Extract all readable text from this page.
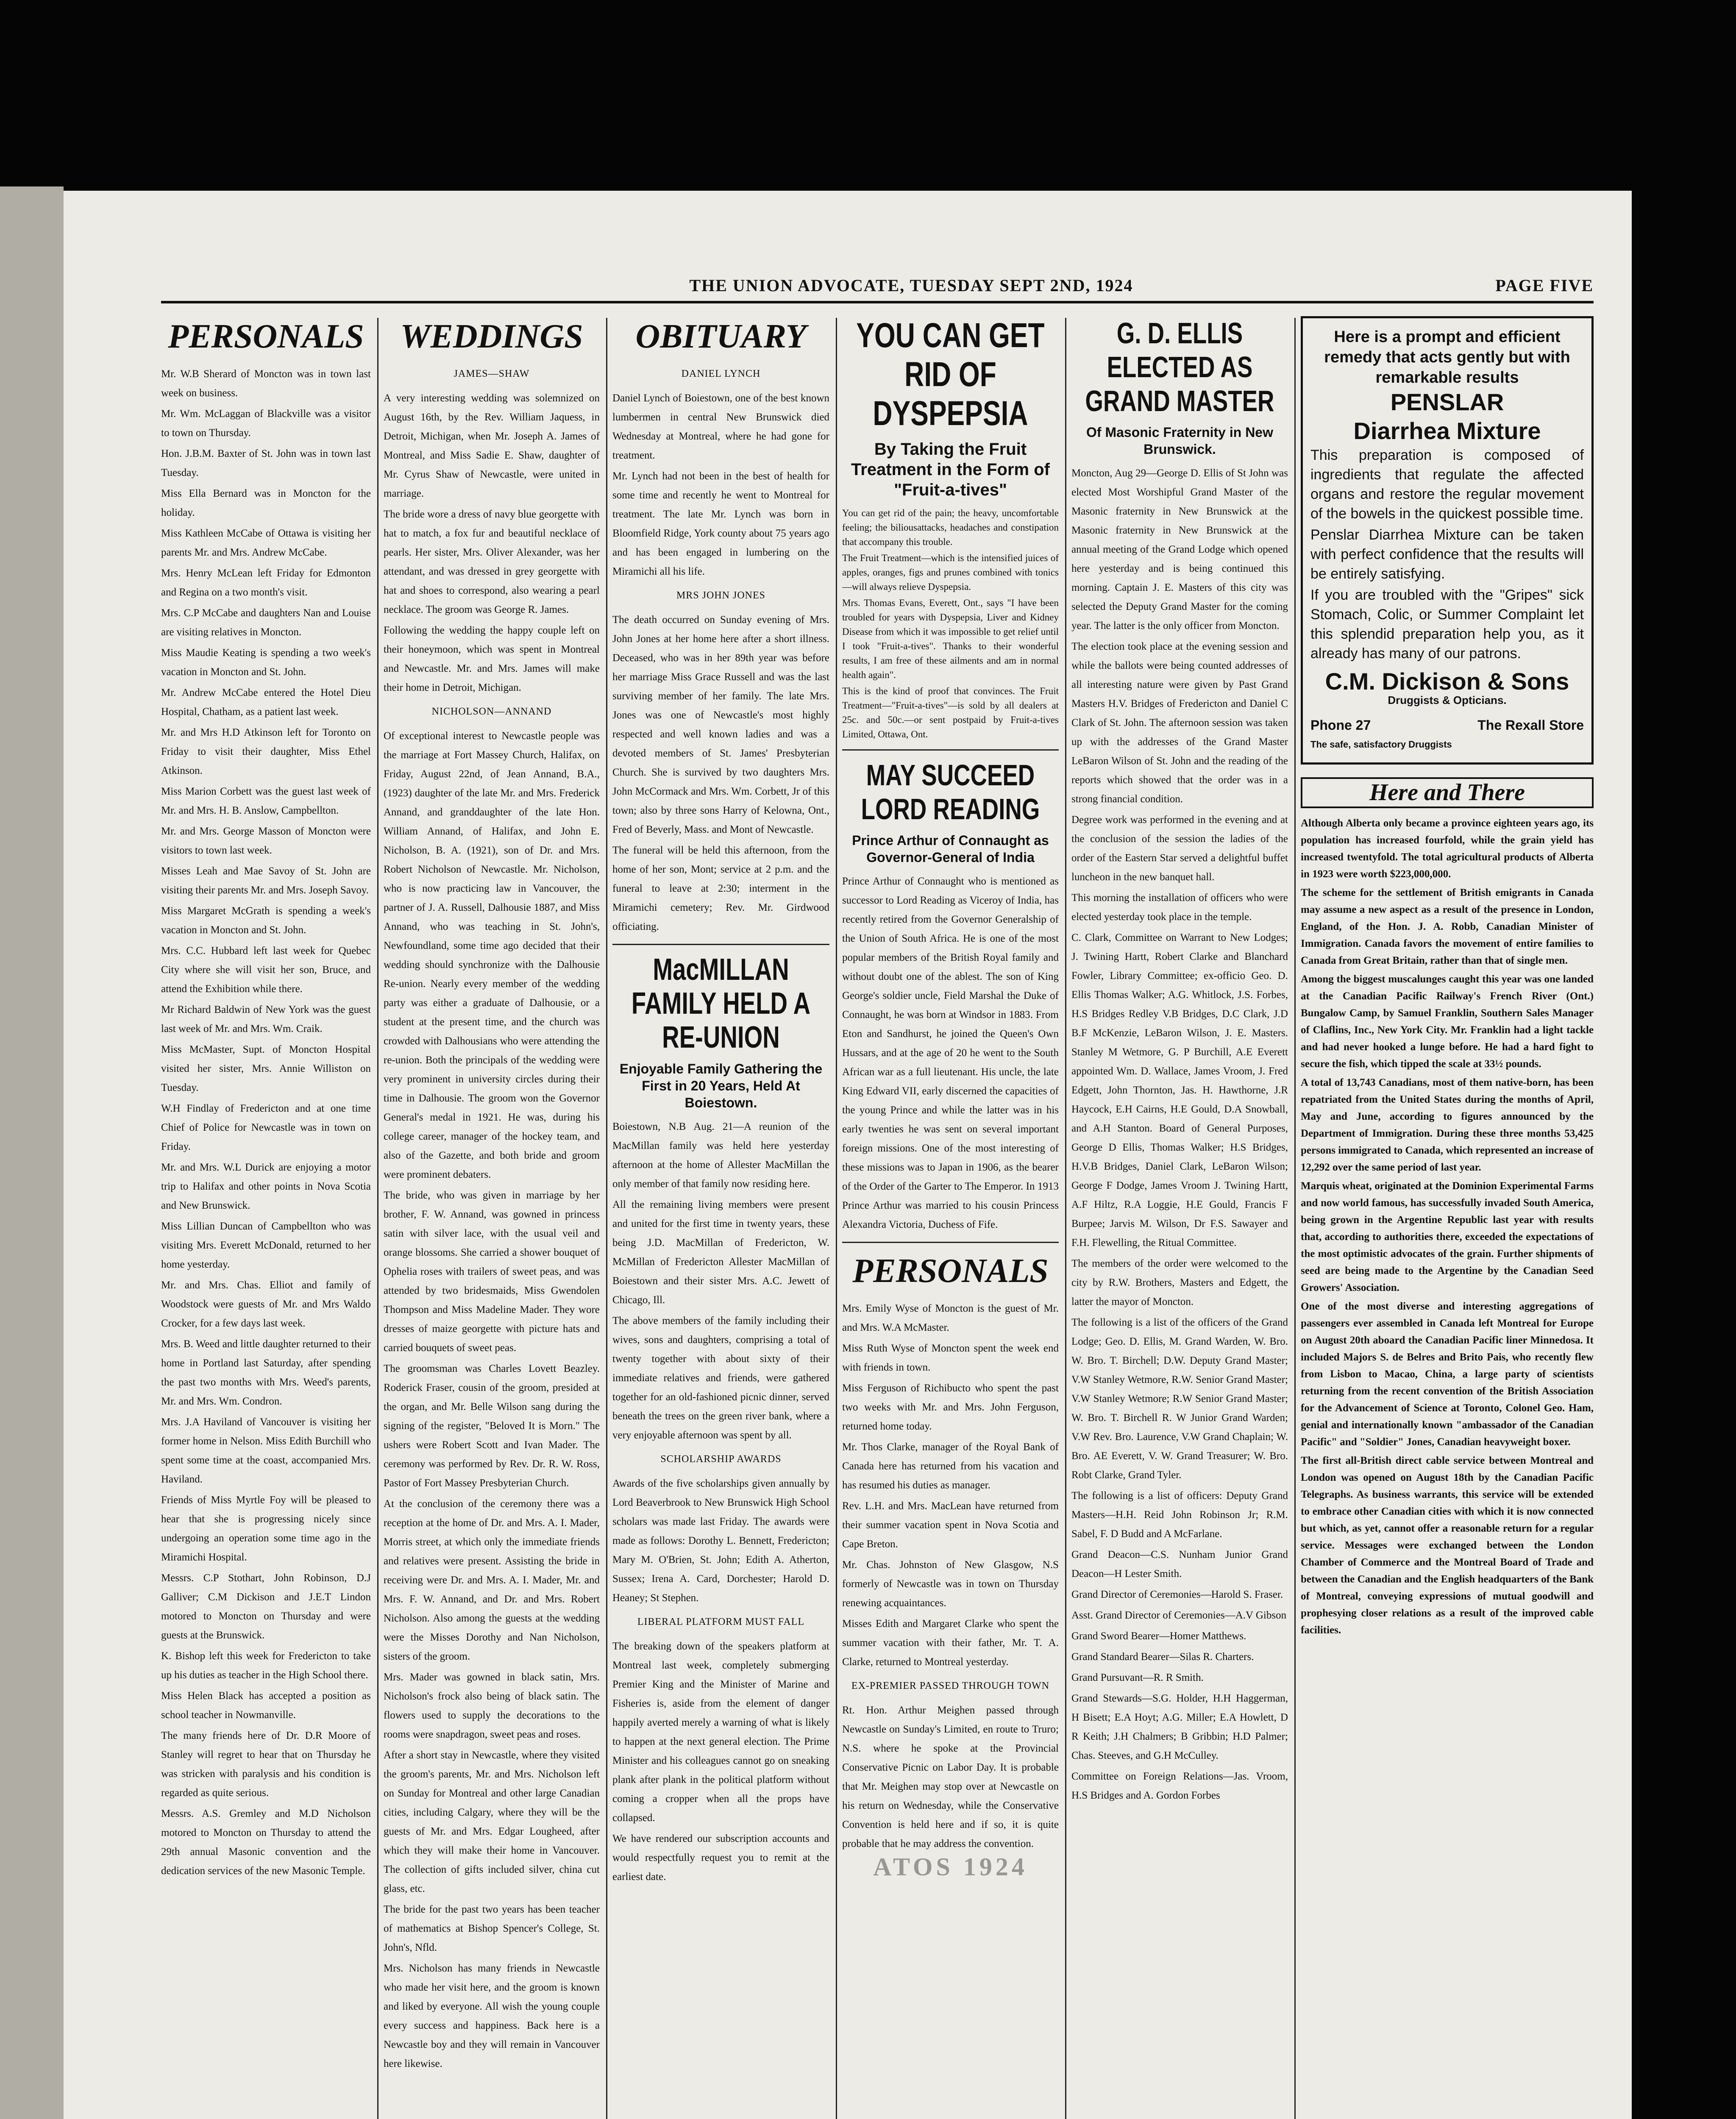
THE UNION ADVOCATE, TUESDAY SEPT 2ND, 1924	PAGE FIVE
PERSONALS

Mr. W.B Sherard of Moncton was in town last week on business.

Mr. Wm. McLaggan of Blackville was a visitor to town on Thursday.

Hon. J.B.M. Baxter of St. John was in town last Tuesday.

Miss Ella Bernard was in Moncton for the holiday.

Miss Kathleen McCabe of Ottawa is visiting her parents Mr. and Mrs. Andrew McCabe.

Mrs. Henry McLean left Friday for Edmonton and Regina on a two month's visit.

Mrs. C.P McCabe and daughters Nan and Louise are visiting relatives in Moncton.

Miss Maudie Keating is spending a two week's vacation in Moncton and St. John.

Mr. Andrew McCabe entered the Hotel Dieu Hospital, Chatham, as a patient last week.

Mr. and Mrs H.D Atkinson left for Toronto on Friday to visit their daughter, Miss Ethel Atkinson.

Miss Marion Corbett was the guest last week of Mr. and Mrs. H. B. Anslow, Campbellton.

Mr. and Mrs. George Masson of Moncton were visitors to town last week.

Misses Leah and Mae Savoy of St. John are visiting their parents Mr. and Mrs. Joseph Savoy.

Miss Margaret McGrath is spending a week's vacation in Moncton and St. John.

Mrs. C.C. Hubbard left last week for Quebec City where she will visit her son, Bruce, and attend the Exhibition while there.

Mr Richard Baldwin of New York was the guest last week of Mr. and Mrs. Wm. Craik.

Miss McMaster, Supt. of Moncton Hospital visited her sister, Mrs. Annie Williston on Tuesday.

W.H Findlay of Fredericton and at one time Chief of Police for Newcastle was in town on Friday.

Mr. and Mrs. W.L Durick are enjoying a motor trip to Halifax and other points in Nova Scotia and New Brunswick.

Miss Lillian Duncan of Campbellton who was visiting Mrs. Everett McDonald, returned to her home yesterday.

Mr. and Mrs. Chas. Elliot and family of Woodstock were guests of Mr. and Mrs Waldo Crocker, for a few days last week.

Mrs. B. Weed and little daughter returned to their home in Portland last Saturday, after spending the past two months with Mrs. Weed's parents, Mr. and Mrs. Wm. Condron.

Mrs. J.A Haviland of Vancouver is visiting her former home in Nelson. Miss Edith Burchill who spent some time at the coast, accompanied Mrs. Haviland.

Friends of Miss Myrtle Foy will be pleased to hear that she is progressing nicely since undergoing an operation some time ago in the Miramichi Hospital.

Messrs. C.P Stothart, John Robinson, D.J Galliver; C.M Dickison and J.E.T Lindon motored to Moncton on Thursday and were guests at the Brunswick.

K. Bishop left this week for Fredericton to take up his duties as teacher in the High School there.

Miss Helen Black has accepted a position as school teacher in Nowmanville.

The many friends here of Dr. D.R Moore of Stanley will regret to hear that on Thursday he was stricken with paralysis and his condition is regarded as quite serious.

Messrs. A.S. Gremley and M.D Nicholson motored to Moncton on Thursday to attend the 29th annual Masonic convention and the dedication services of the new Masonic Temple.

WEDDINGS
JAMES—SHAW

A very interesting wedding was solemnized on August 16th, by the Rev. William Jaquess, in Detroit, Michigan, when Mr. Joseph A. James of Montreal, and Miss Sadie E. Shaw, daughter of Mr. Cyrus Shaw of Newcastle, were united in marriage.

The bride wore a dress of navy blue georgette with hat to match, a fox fur and beautiful necklace of pearls. Her sister, Mrs. Oliver Alexander, was her attendant, and was dressed in grey georgette with hat and shoes to correspond, also wearing a pearl necklace. The groom was George R. James.

Following the wedding the happy couple left on their honeymoon, which was spent in Montreal and Newcastle. Mr. and Mrs. James will make their home in Detroit, Michigan.

NICHOLSON—ANNAND

Of exceptional interest to Newcastle people was the marriage at Fort Massey Church, Halifax, on Friday, August 22nd, of Jean Annand, B.A., (1923) daughter of the late Mr. and Mrs. Frederick Annand, and granddaughter of the late Hon. William Annand, of Halifax, and John E. Nicholson, B. A. (1921), son of Dr. and Mrs. Robert Nicholson of Newcastle. Mr. Nicholson, who is now practicing law in Vancouver, the partner of J. A. Russell, Dalhousie 1887, and Miss Annand, who was teaching in St. John's, Newfoundland, some time ago decided that their wedding should synchronize with the Dalhousie Re-union. Nearly every member of the wedding party was either a graduate of Dalhousie, or a student at the present time, and the church was crowded with Dalhousians who were attending the re-union. Both the principals of the wedding were very prominent in university circles during their time in Dalhousie. The groom won the Governor General's medal in 1921. He was, during his college career, manager of the hockey team, and also of the Gazette, and both bride and groom were prominent debaters.

The bride, who was given in marriage by her brother, F. W. Annand, was gowned in princess satin with silver lace, with the usual veil and orange blossoms. She carried a shower bouquet of Ophelia roses with trailers of sweet peas, and was attended by two bridesmaids, Miss Gwendolen Thompson and Miss Madeline Mader. They wore dresses of maize georgette with picture hats and carried bouquets of sweet peas.

The groomsman was Charles Lovett Beazley. Roderick Fraser, cousin of the groom, presided at the organ, and Mr. Belle Wilson sang during the signing of the register, "Beloved It is Morn." The ushers were Robert Scott and Ivan Mader. The ceremony was performed by Rev. Dr. R. W. Ross, Pastor of Fort Massey Presbyterian Church.

At the conclusion of the ceremony there was a reception at the home of Dr. and Mrs. A. I. Mader, Morris street, at which only the immediate friends and relatives were present. Assisting the bride in receiving were Dr. and Mrs. A. I. Mader, Mr. and Mrs. F. W. Annand, and Dr. and Mrs. Robert Nicholson. Also among the guests at the wedding were the Misses Dorothy and Nan Nicholson, sisters of the groom.

Mrs. Mader was gowned in black satin, Mrs. Nicholson's frock also being of black satin. The flowers used to supply the decorations to the rooms were snapdragon, sweet peas and roses.

After a short stay in Newcastle, where they visited the groom's parents, Mr. and Mrs. Nicholson left on Sunday for Montreal and other large Canadian cities, including Calgary, where they will be the guests of Mr. and Mrs. Edgar Lougheed, after which they will make their home in Vancouver. The collection of gifts included silver, china cut glass, etc.

The bride for the past two years has been teacher of mathematics at Bishop Spencer's College, St. John's, Nfld.

Mrs. Nicholson has many friends in Newcastle who made her visit here, and the groom is known and liked by everyone. All wish the young couple every success and happiness. Back here is a Newcastle boy and they will remain in Vancouver here likewise.

OBITUARY
DANIEL LYNCH

Daniel Lynch of Boiestown, one of the best known lumbermen in central New Brunswick died Wednesday at Montreal, where he had gone for treatment.

Mr. Lynch had not been in the best of health for some time and recently he went to Montreal for treatment. The late Mr. Lynch was born in Bloomfield Ridge, York county about 75 years ago and has been engaged in lumbering on the Miramichi all his life.

MRS JOHN JONES

The death occurred on Sunday evening of Mrs. John Jones at her home here after a short illness. Deceased, who was in her 89th year was before her marriage Miss Grace Russell and was the last surviving member of her family. The late Mrs. Jones was one of Newcastle's most highly respected and well known ladies and was a devoted members of St. James' Presbyterian Church. She is survived by two daughters Mrs. John McCormack and Mrs. Wm. Corbett, Jr of this town; also by three sons Harry of Kelowna, Ont., Fred of Beverly, Mass. and Mont of Newcastle.

The funeral will be held this afternoon, from the home of her son, Mont; service at 2 p.m. and the funeral to leave at 2:30; interment in the Miramichi cemetery; Rev. Mr. Girdwood officiating.

MacMILLAN FAMILY HELD A RE-UNION
Enjoyable Family Gathering the First in 20 Years, Held At Boiestown.

Boiestown, N.B Aug. 21—A reunion of the MacMillan family was held here yesterday afternoon at the home of Allester MacMillan the only member of that family now residing here.

All the remaining living members were present and united for the first time in twenty years, these being J.D. MacMillan of Fredericton, W. McMillan of Fredericton Allester MacMillan of Boiestown and their sister Mrs. A.C. Jewett of Chicago, Ill.

The above members of the family including their wives, sons and daughters, comprising a total of twenty together with about sixty of their immediate relatives and friends, were gathered together for an old-fashioned picnic dinner, served beneath the trees on the green river bank, where a very enjoyable afternoon was spent by all.

SCHOLARSHIP AWARDS

Awards of the five scholarships given annually by Lord Beaverbrook to New Brunswick High School scholars was made last Friday. The awards were made as follows: Dorothy L. Bennett, Fredericton; Mary M. O'Brien, St. John; Edith A. Atherton, Sussex; Irena A. Card, Dorchester; Harold D. Heaney; St Stephen.

LIBERAL PLATFORM MUST FALL

The breaking down of the speakers platform at Montreal last week, completely submerging Premier King and the Minister of Marine and Fisheries is, aside from the element of danger happily averted merely a warning of what is likely to happen at the next general election. The Prime Minister and his colleagues cannot go on sneaking plank after plank in the political platform without coming a cropper when all the props have collapsed.

We have rendered our subscription accounts and would respectfully request you to remit at the earliest date.

YOU CAN GET RID OF DYSPEPSIA
By Taking the Fruit Treatment in the Form of "Fruit-a-tives"

You can get rid of the pain; the heavy, uncomfortable feeling; the biliousattacks, headaches and constipation that accompany this trouble.

The Fruit Treatment—which is the intensified juices of apples, oranges, figs and prunes combined with tonics—will always relieve Dyspepsia.

Mrs. Thomas Evans, Everett, Ont., says "I have been troubled for years with Dyspepsia, Liver and Kidney Disease from which it was impossible to get relief until I took "Fruit-a-tives". Thanks to their wonderful results, I am free of these ailments and am in normal health again".

This is the kind of proof that convinces. The Fruit Treatment—"Fruit-a-tives"—is sold by all dealers at 25c. and 50c.—or sent postpaid by Fruit-a-tives Limited, Ottawa, Ont.

MAY SUCCEED LORD READING
Prince Arthur of Connaught as Governor-General of India

Prince Arthur of Connaught who is mentioned as successor to Lord Reading as Viceroy of India, has recently retired from the Governor Generalship of the Union of South Africa. He is one of the most popular members of the British Royal family and without doubt one of the ablest. The son of King George's soldier uncle, Field Marshal the Duke of Connaught, he was born at Windsor in 1883. From Eton and Sandhurst, he joined the Queen's Own Hussars, and at the age of 20 he went to the South African war as a full lieutenant. His uncle, the late King Edward VII, early discerned the capacities of the young Prince and while the latter was in his early twenties he was sent on several important foreign missions. One of the most interesting of these missions was to Japan in 1906, as the bearer of the Order of the Garter to The Emperor. In 1913 Prince Arthur was married to his cousin Princess Alexandra Victoria, Duchess of Fife.

PERSONALS

Mrs. Emily Wyse of Moncton is the guest of Mr. and Mrs. W.A McMaster.

Miss Ruth Wyse of Moncton spent the week end with friends in town.

Miss Ferguson of Richibucto who spent the past two weeks with Mr. and Mrs. John Ferguson, returned home today.

Mr. Thos Clarke, manager of the Royal Bank of Canada here has returned from his vacation and has resumed his duties as manager.

Rev. L.H. and Mrs. MacLean have returned from their summer vacation spent in Nova Scotia and Cape Breton.

Mr. Chas. Johnston of New Glasgow, N.S formerly of Newcastle was in town on Thursday renewing acquaintances.

Misses Edith and Margaret Clarke who spent the summer vacation with their father, Mr. T. A. Clarke, returned to Montreal yesterday.

EX-PREMIER PASSED THROUGH TOWN

Rt. Hon. Arthur Meighen passed through Newcastle on Sunday's Limited, en route to Truro; N.S. where he spoke at the Provincial Conservative Picnic on Labor Day. It is probable that Mr. Meighen may stop over at Newcastle on his return on Wednesday, while the Conservative Convention is held here and if so, it is quite probable that he may address the convention.

ATOS 1924
G. D. ELLIS ELECTED AS GRAND MASTER
Of Masonic Fraternity in New Brunswick.

Moncton, Aug 29—George D. Ellis of St John was elected Most Worshipful Grand Master of the Masonic fraternity in New Brunswick at the Masonic fraternity in New Brunswick at the annual meeting of the Grand Lodge which opened here yesterday and is being continued this morning. Captain J. E. Masters of this city was selected the Deputy Grand Master for the coming year. The latter is the only officer from Moncton.

The election took place at the evening session and while the ballots were being counted addresses of all interesting nature were given by Past Grand Masters H.V. Bridges of Fredericton and Daniel C Clark of St. John. The afternoon session was taken up with the addresses of the Grand Master LeBaron Wilson of St. John and the reading of the reports which showed that the order was in a strong financial condition.

Degree work was performed in the evening and at the conclusion of the session the ladies of the order of the Eastern Star served a delightful buffet luncheon in the new banquet hall.

This morning the installation of officers who were elected yesterday took place in the temple.

C. Clark, Committee on Warrant to New Lodges; J. Twining Hartt, Robert Clarke and Blanchard Fowler, Library Committee; ex-officio Geo. D. Ellis Thomas Walker; A.G. Whitlock, J.S. Forbes, H.S Bridges Redley V.B Bridges, D.C Clark, J.D B.F McKenzie, LeBaron Wilson, J. E. Masters. Stanley M Wetmore, G. P Burchill, A.E Everett appointed Wm. D. Wallace, James Vroom, J. Fred Edgett, John Thornton, Jas. H. Hawthorne, J.R Haycock, E.H Cairns, H.E Gould, D.A Snowball, and A.H Stanton. Board of General Purposes, George D Ellis, Thomas Walker; H.S Bridges, H.V.B Bridges, Daniel Clark, LeBaron Wilson; George F Dodge, James Vroom J. Twining Hartt, A.F Hiltz, R.A Loggie, H.E Gould, Francis F Burpee; Jarvis M. Wilson, Dr F.S. Sawayer and F.H. Flewelling, the Ritual Committee.

The members of the order were welcomed to the city by R.W. Brothers, Masters and Edgett, the latter the mayor of Moncton.

The following is a list of the officers of the Grand Lodge; Geo. D. Ellis, M. Grand Warden, W. Bro. W. Bro. T. Birchell; D.W. Deputy Grand Master; V.W Stanley Wetmore, R.W. Senior Grand Master; V.W Stanley Wetmore; R.W Senior Grand Master; W. Bro. T. Birchell R. W Junior Grand Warden; V.W Rev. Bro. Laurence, V.W Grand Chaplain; W. Bro. AE Everett, V. W. Grand Treasurer; W. Bro. Robt Clarke, Grand Tyler.

The following is a list of officers: Deputy Grand Masters—H.H. Reid John Robinson Jr; R.M. Sabel, F. D Budd and A McFarlane.

Grand Deacon—C.S. Nunham Junior Grand Deacon—H Lester Smith.

Grand Director of Ceremonies—Harold S. Fraser.

Asst. Grand Director of Ceremonies—A.V Gibson

Grand Sword Bearer—Homer Matthews.

Grand Standard Bearer—Silas R. Charters.

Grand Pursuvant—R. R Smith.

Grand Stewards—S.G. Holder, H.H Haggerman, H Bisett; E.A Hoyt; A.G. Miller; E.A Howlett, D R Keith; J.H Chalmers; B Gribbin; H.D Palmer; Chas. Steeves, and G.H McCulley.

Committee on Foreign Relations—Jas. Vroom, H.S Bridges and A. Gordon Forbes

Here is a prompt and efficient remedy that acts gently but with remarkable results
PENSLAR
Diarrhea Mixture

This preparation is composed of ingredients that regulate the affected organs and restore the regular movement of the bowels in the quickest possible time.

Penslar Diarrhea Mixture can be taken with perfect confidence that the results will be entirely satisfying.

If you are troubled with the "Gripes" sick Stomach, Colic, or Summer Complaint let this splendid preparation help you, as it already has many of our patrons.

C.M. Dickison & Sons
Druggists & Opticians.
Phone 27	The Rexall Store
The safe, satisfactory Druggists
Here and There

Although Alberta only became a province eighteen years ago, its population has increased fourfold, while the grain yield has increased twentyfold. The total agricultural products of Alberta in 1923 were worth $223,000,000.

The scheme for the settlement of British emigrants in Canada may assume a new aspect as a result of the presence in London, England, of the Hon. J. A. Robb, Canadian Minister of Immigration. Canada favors the movement of entire families to Canada from Great Britain, rather than that of single men.

Among the biggest muscalunges caught this year was one landed at the Canadian Pacific Railway's French River (Ont.) Bungalow Camp, by Samuel Franklin, Southern Sales Manager of Claflins, Inc., New York City. Mr. Franklin had a light tackle and had never hooked a lunge before. He had a hard fight to secure the fish, which tipped the scale at 33½ pounds.

A total of 13,743 Canadians, most of them native-born, has been repatriated from the United States during the months of April, May and June, according to figures announced by the Department of Immigration. During these three months 53,425 persons immigrated to Canada, which represented an increase of 12,292 over the same period of last year.

Marquis wheat, originated at the Dominion Experimental Farms and now world famous, has successfully invaded South America, being grown in the Argentine Republic last year with results that, according to authorities there, exceeded the expectations of the most optimistic advocates of the grain. Further shipments of seed are being made to the Argentine by the Canadian Seed Growers' Association.

One of the most diverse and interesting aggregations of passengers ever assembled in Canada left Montreal for Europe on August 20th aboard the Canadian Pacific liner Minnedosa. It included Majors S. de Belres and Brito Pais, who recently flew from Lisbon to Macao, China, a large party of scientists returning from the recent convention of the British Association for the Advancement of Science at Toronto, Colonel Geo. Ham, genial and internationally known "ambassador of the Canadian Pacific" and "Soldier" Jones, Canadian heavyweight boxer.

The first all-British direct cable service between Montreal and London was opened on August 18th by the Canadian Pacific Telegraphs. As business warrants, this service will be extended to embrace other Canadian cities with which it is now connected but which, as yet, cannot offer a reasonable return for a regular service. Messages were exchanged between the London Chamber of Commerce and the Montreal Board of Trade and between the Canadian and the English headquarters of the Bank of Montreal, conveying expressions of mutual goodwill and prophesying closer relations as a result of the improved cable facilities.
